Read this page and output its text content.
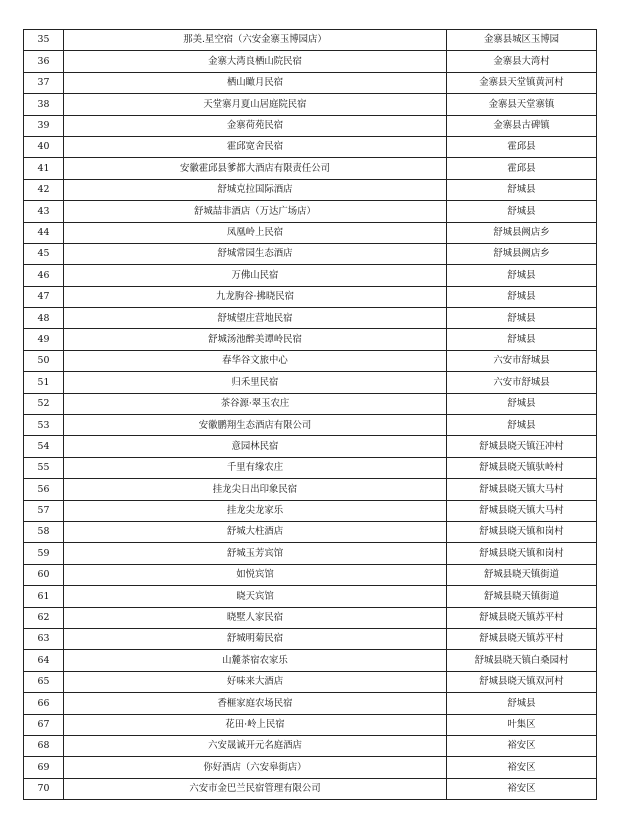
35	那美.星空宿（六安金寨玉博园店）	金寨县城区玉博园
36	金寨大湾良栖山院民宿	金寨县大湾村
37	栖山瞰月民宿	金寨县天堂镇黄河村
38	天堂寨月夏山居庭院民宿	金寨县天堂寨镇
39	金寨荷苑民宿	金寨县古碑镇
40	霍邱宽舍民宿	霍邱县
41	安徽霍邱县爹都大酒店有限责任公司	霍邱县
42	舒城克拉国际酒店	舒城县
43	舒城喆非酒店（万达广场店）	舒城县
44	凤凰岭上民宿	舒城县阙店乡
45	舒城常园生态酒店	舒城县阙店乡
46	万佛山民宿	舒城县
47	九龙朐谷·拂晓民宿	舒城县
48	舒城望庄营地民宿	舒城县
49	舒城汤池醉美谭岭民宿	舒城县
50	春华谷文旅中心	六安市舒城县
51	归禾里民宿	六安市舒城县
52	茶谷源·翠玉农庄	舒城县
53	安徽鹏翔生态酒店有限公司	舒城县
54	意园林民宿	舒城县晓天镇汪冲村
55	千里有缘农庄	舒城县晓天镇驮岭村
56	挂龙尖日出印象民宿	舒城县晓天镇大马村
57	挂龙尖龙家乐	舒城县晓天镇大马村
58	舒城大柱酒店	舒城县晓天镇和岗村
59	舒城玉芳宾馆	舒城县晓天镇和岗村
60	如悦宾馆	舒城县晓天镇街道
61	晓天宾馆	舒城县晓天镇街道
62	晓墅人家民宿	舒城县晓天镇苏平村
63	舒城明菊民宿	舒城县晓天镇苏平村
64	山麓茶宿农家乐	舒城县晓天镇白桑园村
65	好味来大酒店	舒城县晓天镇双河村
66	香榧家庭农场民宿	舒城县
67	花田·岭上民宿	叶集区
68	六安晟诚开元名庭酒店	裕安区
69	你好酒店（六安皋街店）	裕安区
70	六安市金巴兰民宿管理有限公司	裕安区
